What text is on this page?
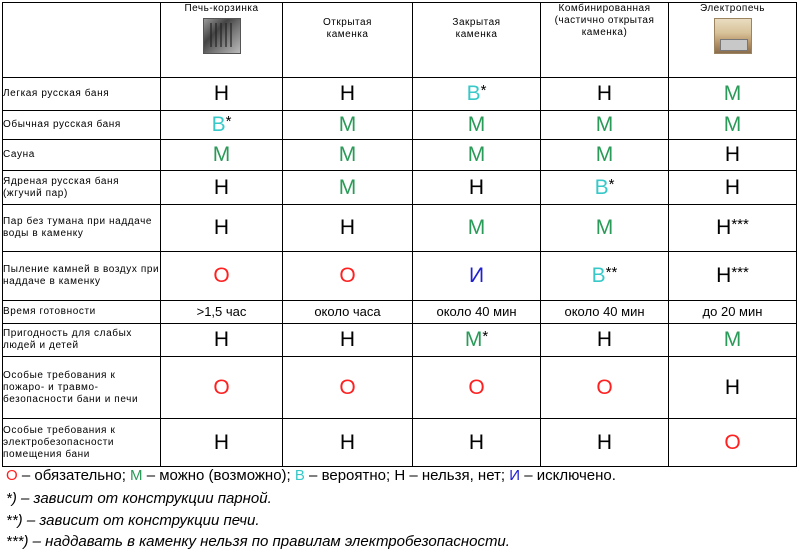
	Печь-корзинка	Открытая каменка	Закрытая каменка	Комбинированная (частично открытая каменка)	Электропечь

Легкая русская баня	Н	Н	В*	Н	М
Обычная русская баня	В*	М	М	М	М
Сауна	М	М	М	М	Н
Ядреная русская баня (жгучий пар)	Н	М	Н	В*	Н
Пар без тумана при наддаче воды в каменку	Н	Н	М	М	Н***
Пыление камней в воздух при наддаче в каменку	О	О	И	В**	Н***
Время готовности	>1,5 час	около часа	около 40 мин	около 40 мин	до 20 мин
Пригодность для слабых людей и детей	Н	Н	М*	Н	М
Особые требования к пожаро- и травмо-безопасности бани и печи	О	О	О	О	Н
Особые требования к электробезопасности помещения бани	Н	Н	Н	Н	О
О – обязательно; М – можно (возможно); В – вероятно; Н – нельзя, нет; И – исключено.
*) – зависит от конструкции парной.
**) – зависит от конструкции печи.
***) – наддавать в каменку нельзя по правилам электробезопасности.
